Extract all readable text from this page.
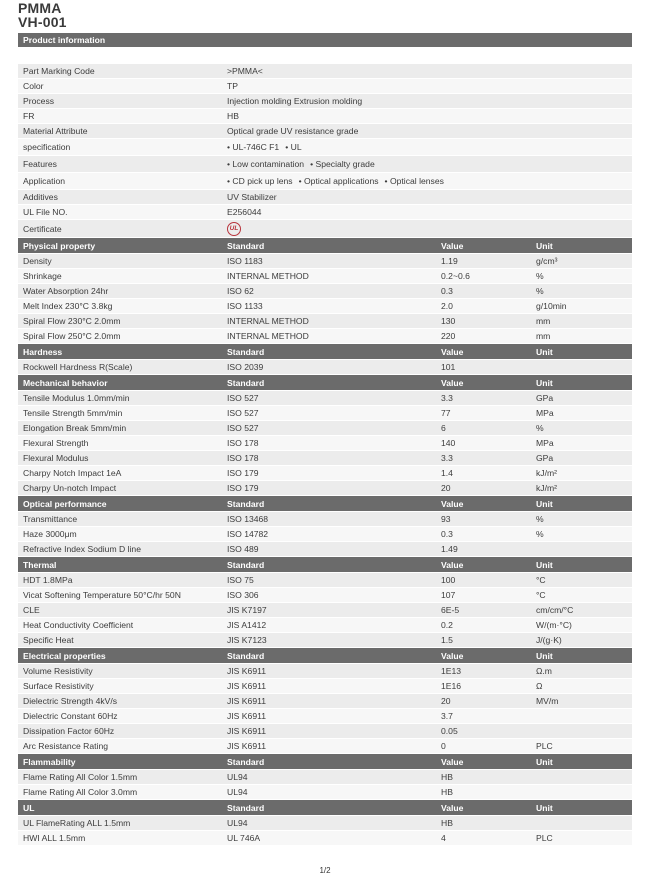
PMMA
VH-001
Product information
Part Marking Code	>PMMA<
Color	TP
Process	Injection molding Extrusion molding
FR	HB
Material Attribute	Optical grade UV resistance grade
specification	• UL-746C F1 • UL
Features	• Low contamination • Specialty grade
Application	• CD pick up lens • Optical applications • Optical lenses
Additives	UV Stabilizer
UL File NO.	E256044
Certificate	UL
Physical property	Standard	Value	Unit
Density	ISO 1183	1.19	g/cm³
Shrinkage	INTERNAL METHOD	0.2~0.6	%
Water Absorption 24hr	ISO 62	0.3	%
Melt Index 230°C 3.8kg	ISO 1133	2.0	g/10min
Spiral Flow 230°C 2.0mm	INTERNAL METHOD	130	mm
Spiral Flow 250°C 2.0mm	INTERNAL METHOD	220	mm
Hardness	Standard	Value	Unit
Rockwell Hardness R(Scale)	ISO 2039	101
Mechanical behavior	Standard	Value	Unit
Tensile Modulus 1.0mm/min	ISO 527	3.3	GPa
Tensile Strength 5mm/min	ISO 527	77	MPa
Elongation Break 5mm/min	ISO 527	6	%
Flexural Strength	ISO 178	140	MPa
Flexural Modulus	ISO 178	3.3	GPa
Charpy Notch Impact 1eA	ISO 179	1.4	kJ/m²
Charpy Un-notch Impact	ISO 179	20	kJ/m²
Optical performance	Standard	Value	Unit
Transmittance	ISO 13468	93	%
Haze 3000μm	ISO 14782	0.3	%
Refractive Index Sodium D line	ISO 489	1.49
Thermal	Standard	Value	Unit
HDT 1.8MPa	ISO 75	100	°C
Vicat Softening Temperature 50°C/hr 50N	ISO 306	107	°C
CLE	JIS K7197	6E-5	cm/cm/°C
Heat Conductivity Coefficient	JIS A1412	0.2	W/(m·°C)
Specific Heat	JIS K7123	1.5	J/(g·K)
Electrical properties	Standard	Value	Unit
Volume Resistivity	JIS K6911	1E13	Ω.m
Surface Resistivity	JIS K6911	1E16	Ω
Dielectric Strength 4kV/s	JIS K6911	20	MV/m
Dielectric Constant 60Hz	JIS K6911	3.7
Dissipation Factor 60Hz	JIS K6911	0.05
Arc Resistance Rating	JIS K6911	0	PLC
Flammability	Standard	Value	Unit
Flame Rating All Color 1.5mm	UL94	HB
Flame Rating All Color 3.0mm	UL94	HB
UL	Standard	Value	Unit
UL FlameRating ALL 1.5mm	UL94	HB
HWI ALL 1.5mm	UL 746A	4	PLC
1/2
